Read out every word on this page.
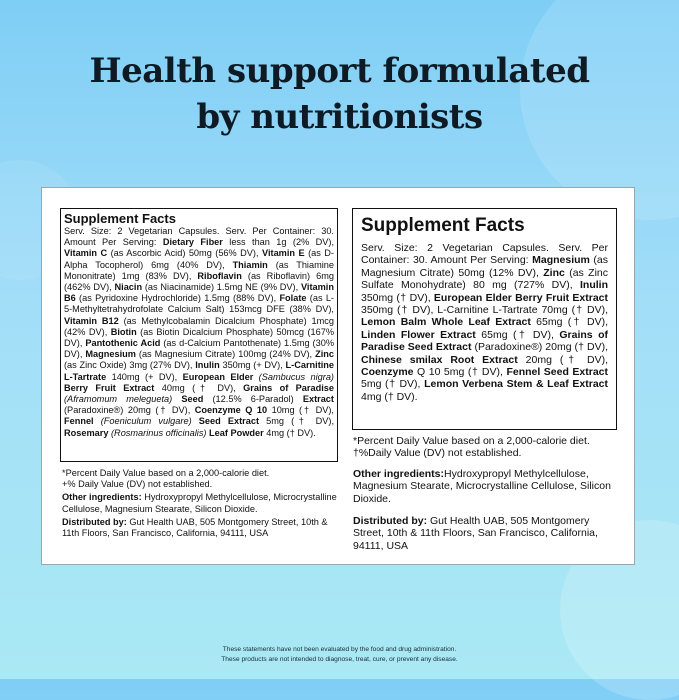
Health support formulated
by nutritionists
Supplement Facts

Serv. Size: 2 Vegetarian Capsules. Serv. Per Container: 30. Amount Per Serving: Dietary Fiber less than 1g (2% DV), Vitamin C (as Ascorbic Acid) 50mg (56% DV), Vitamin E (as D-Alpha Tocopherol) 6mg (40% DV), Thiamin (as Thiamine Mononitrate) 1mg (83% DV), Riboflavin (as Riboflavin) 6mg (462% DV), Niacin (as Niacinamide) 1.5mg NE (9% DV), Vitamin B6 (as Pyridoxine Hydrochloride) 1.5mg (88% DV), Folate (as L-5-Methyltetrahydrofolate Calcium Salt) 153mcg DFE (38% DV), Vitamin B12 (as Methylcobalamin Dicalcium Phosphate) 1mcg (42% DV), Biotin (as Biotin Dicalcium Phosphate) 50mcg (167% DV), Pantothenic Acid (as d-Calcium Pantothenate) 1.5mg (30% DV), Magnesium (as Magnesium Citrate) 100mg (24% DV), Zinc (as Zinc Oxide) 3mg (27% DV), Inulin 350mg (+ DV), L-Carnitine L-Tartrate 140mg (+ DV), European Elder (Sambucus nigra) Berry Fruit Extract 40mg († DV), Grains of Paradise (Aframomum melegueta) Seed (12.5% 6-Paradol) Extract (Paradoxine®) 20mg († DV), Coenzyme Q 10 10mg († DV), Fennel (Foeniculum vulgare) Seed Extract 5mg († DV), Rosemary (Rosmarinus officinalis) Leaf Powder 4mg († DV).

*Percent Daily Value based on a 2,000-calorie diet.

+% Daily Value (DV) not established.

Other ingredients: Hydroxypropyl Methylcellulose, Microcrystalline Cellulose, Magnesium Stearate, Silicon Dioxide.

Distributed by: Gut Health UAB, 505 Montgomery Street, 10th & 11th Floors, San Francisco, California, 94111, USA

Supplement Facts

Serv. Size: 2 Vegetarian Capsules. Serv. Per Container: 30. Amount Per Serving: Magnesium (as Magnesium Citrate) 50mg (12% DV), Zinc (as Zinc Sulfate Monohydrate) 80 mg (727% DV), Inulin 350mg († DV), European Elder Berry Fruit Extract 350mg († DV), L-Carnitine L-Tartrate 70mg († DV), Lemon Balm Whole Leaf Extract 65mg († DV), Linden Flower Extract 65mg († DV), Grains of Paradise Seed Extract (Paradoxine®) 20mg († DV), Chinese smilax Root Extract 20mg († DV), Coenzyme Q 10 5mg († DV), Fennel Seed Extract 5mg († DV), Lemon Verbena Stem & Leaf Extract 4mg († DV).

*Percent Daily Value based on a 2,000-calorie diet.
†%Daily Value (DV) not established.

Other ingredients:Hydroxypropyl Methylcellulose, Magnesium Stearate, Microcrystalline Cellulose, Silicon Dioxide.

Distributed by: Gut Health UAB, 505 Montgomery Street, 10th & 11th Floors, San Francisco, California, 94111, USA

These statements have not been evaluated by the food and drug administration.
These products are not intended to diagnose, treat, cure, or prevent any disease.
